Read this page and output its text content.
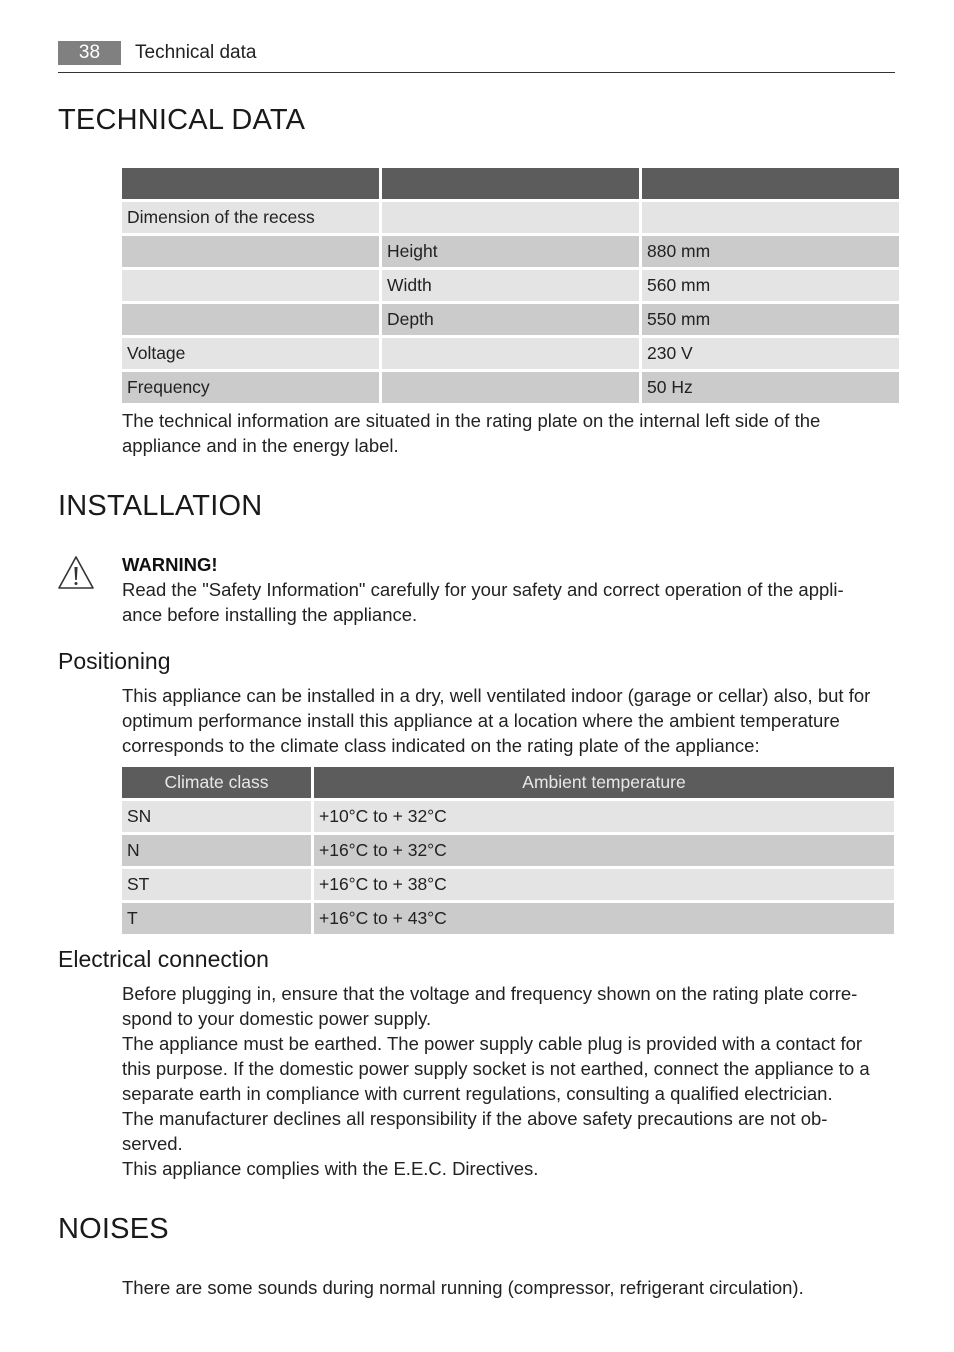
38	Technical data
TECHNICAL DATA

Dimension of the recess		
	Height	880 mm
	Width	560 mm
	Depth	550 mm
Voltage		230 V
Frequency		50 Hz
The technical information are situated in the rating plate on the internal left side of the
appliance and in the energy label.
INSTALLATION
WARNING!
Read the "Safety Information" carefully for your safety and correct operation of the appli-
ance before installing the appliance.
Positioning
This appliance can be installed in a dry, well ventilated indoor (garage or cellar) also, but for
optimum performance install this appliance at a location where the ambient temperature
corresponds to the climate class indicated on the rating plate of the appliance:
Climate class	Ambient temperature
SN	+10°C to + 32°C
N	+16°C to + 32°C
ST	+16°C to + 38°C
T	+16°C to + 43°C
Electrical connection
Before plugging in, ensure that the voltage and frequency shown on the rating plate corre-
spond to your domestic power supply.
The appliance must be earthed. The power supply cable plug is provided with a contact for
this purpose. If the domestic power supply socket is not earthed, connect the appliance to a
separate earth in compliance with current regulations, consulting a qualified electrician.
The manufacturer declines all responsibility if the above safety precautions are not ob-
served.
This appliance complies with the E.E.C. Directives.
NOISES
There are some sounds during normal running (compressor, refrigerant circulation).
